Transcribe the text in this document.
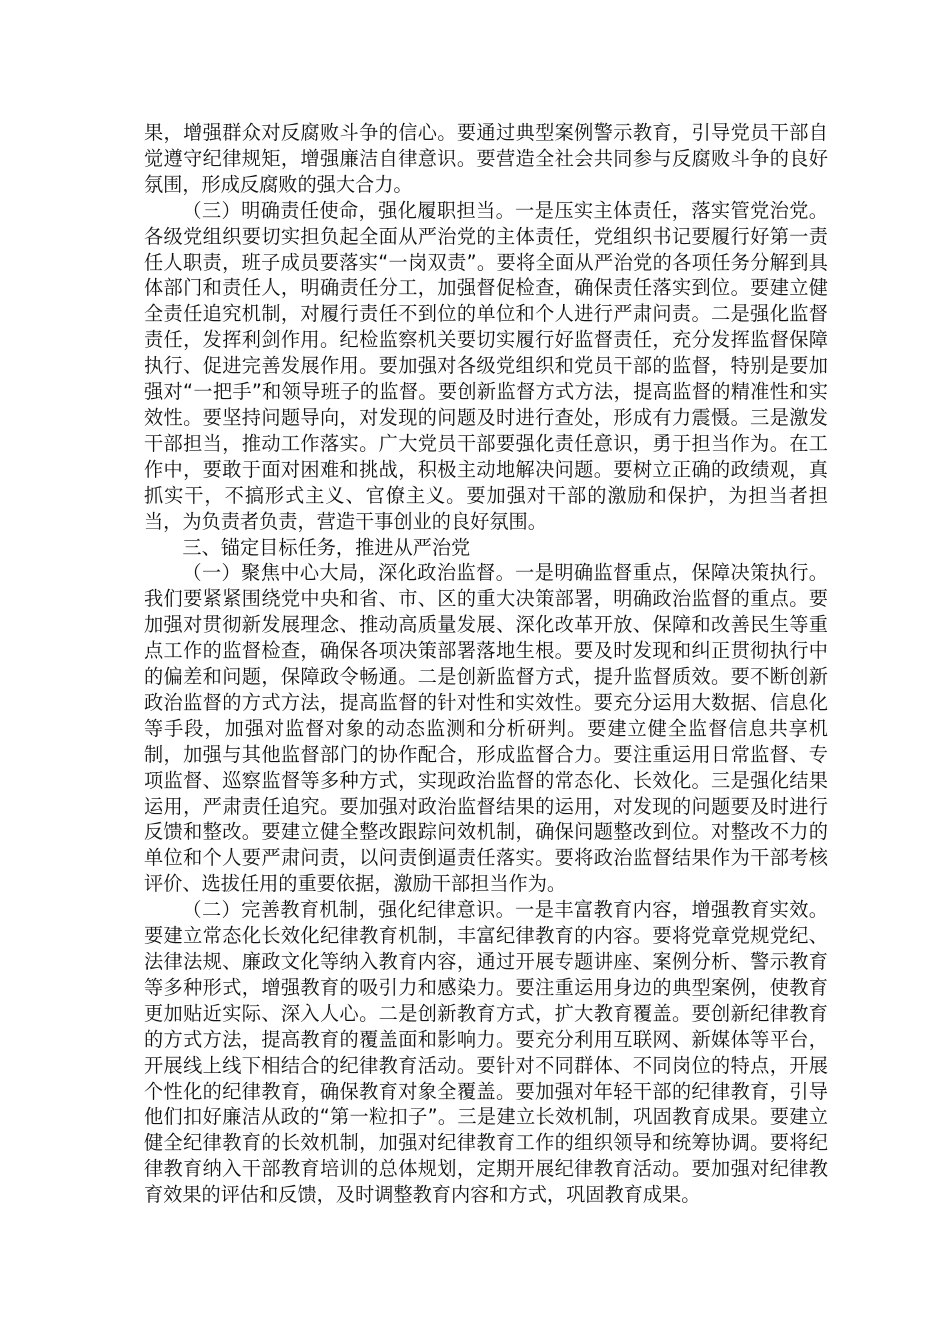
果，增强群众对反腐败斗争的信心。要通过典型案例警示教育，引导党员干部自觉遵守纪律规矩，增强廉洁自律意识。要营造全社会共同参与反腐败斗争的良好氛围，形成反腐败的强大合力。

（三）明确责任使命，强化履职担当。一是压实主体责任，落实管党治党。各级党组织要切实担负起全面从严治党的主体责任，党组织书记要履行好第一责任人职责，班子成员要落实“一岗双责”。要将全面从严治党的各项任务分解到具体部门和责任人，明确责任分工，加强督促检查，确保责任落实到位。要建立健全责任追究机制，对履行责任不到位的单位和个人进行严肃问责。二是强化监督责任，发挥利剑作用。纪检监察机关要切实履行好监督责任，充分发挥监督保障执行、促进完善发展作用。要加强对各级党组织和党员干部的监督，特别是要加强对“一把手”和领导班子的监督。要创新监督方式方法，提高监督的精准性和实效性。要坚持问题导向，对发现的问题及时进行查处，形成有力震慑。三是激发干部担当，推动工作落实。广大党员干部要强化责任意识，勇于担当作为。在工作中，要敢于面对困难和挑战，积极主动地解决问题。要树立正确的政绩观，真抓实干，不搞形式主义、官僚主义。要加强对干部的激励和保护，为担当者担当，为负责者负责，营造干事创业的良好氛围。

三、锚定目标任务，推进从严治党

（一）聚焦中心大局，深化政治监督。一是明确监督重点，保障决策执行。我们要紧紧围绕党中央和省、市、区的重大决策部署，明确政治监督的重点。要加强对贯彻新发展理念、推动高质量发展、深化改革开放、保障和改善民生等重点工作的监督检查，确保各项决策部署落地生根。要及时发现和纠正贯彻执行中的偏差和问题，保障政令畅通。二是创新监督方式，提升监督质效。要不断创新政治监督的方式方法，提高监督的针对性和实效性。要充分运用大数据、信息化等手段，加强对监督对象的动态监测和分析研判。要建立健全监督信息共享机制，加强与其他监督部门的协作配合，形成监督合力。要注重运用日常监督、专项监督、巡察监督等多种方式，实现政治监督的常态化、长效化。三是强化结果运用，严肃责任追究。要加强对政治监督结果的运用，对发现的问题要及时进行反馈和整改。要建立健全整改跟踪问效机制，确保问题整改到位。对整改不力的单位和个人要严肃问责，以问责倒逼责任落实。要将政治监督结果作为干部考核评价、选拔任用的重要依据，激励干部担当作为。

（二）完善教育机制，强化纪律意识。一是丰富教育内容，增强教育实效。要建立常态化长效化纪律教育机制，丰富纪律教育的内容。要将党章党规党纪、法律法规、廉政文化等纳入教育内容，通过开展专题讲座、案例分析、警示教育等多种形式，增强教育的吸引力和感染力。要注重运用身边的典型案例，使教育更加贴近实际、深入人心。二是创新教育方式，扩大教育覆盖。要创新纪律教育的方式方法，提高教育的覆盖面和影响力。要充分利用互联网、新媒体等平台，开展线上线下相结合的纪律教育活动。要针对不同群体、不同岗位的特点，开展个性化的纪律教育，确保教育对象全覆盖。要加强对年轻干部的纪律教育，引导他们扣好廉洁从政的“第一粒扣子”。三是建立长效机制，巩固教育成果。要建立健全纪律教育的长效机制，加强对纪律教育工作的组织领导和统筹协调。要将纪律教育纳入干部教育培训的总体规划，定期开展纪律教育活动。要加强对纪律教育效果的评估和反馈，及时调整教育内容和方式，巩固教育成果。
